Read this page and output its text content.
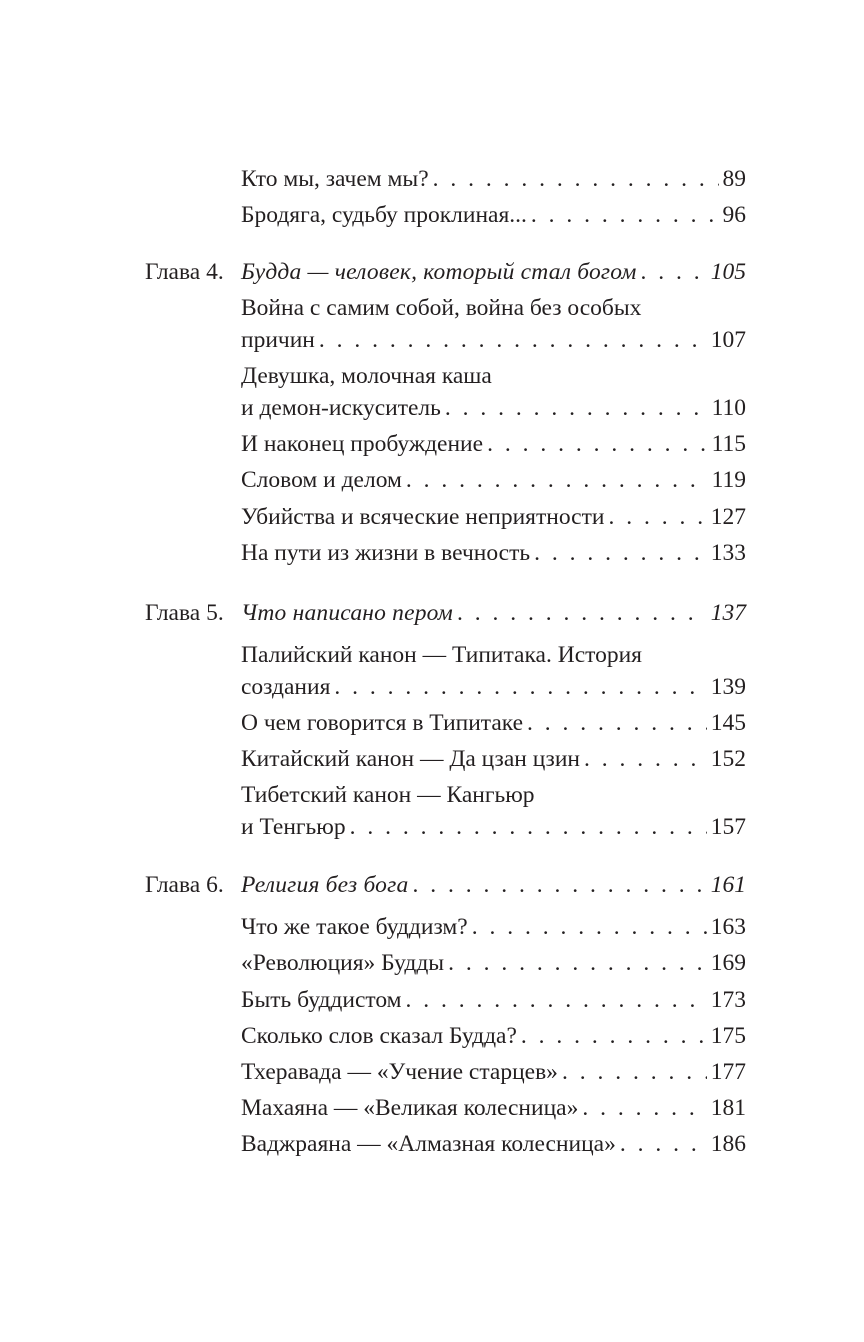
Кто мы, зачем мы? . . .	89
Бродяга, судьбу проклиная... . . .	96
Глава 4. Будда — человек, который стал богом . . .	105
Война с самим собой, война без особых
причин . . .	107
Девушка, молочная каша
и демон-искуситель . . .	110
И наконец пробуждение . . .	115
Словом и делом . . .	119
Убийства и всяческие неприятности . . .	127
На пути из жизни в вечность . . .	133
Глава 5. Что написано пером . . .	137
Палийский канон — Типитака. История
создания . . .	139
О чем говорится в Типитаке . . .	145
Китайский канон — Да цзан цзин . . .	152
Тибетский канон — Кангьюр
и Тенгьюр . . .	157
Глава 6. Религия без бога . . .	161
Что же такое буддизм? . . .	163
«Революция» Будды . . .	169
Быть буддистом . . .	173
Сколько слов сказал Будда? . . .	175
Тхеравада — «Учение старцев» . . .	177
Махаяна — «Великая колесница» . . .	181
Ваджраяна — «Алмазная колесница» . . .	186
